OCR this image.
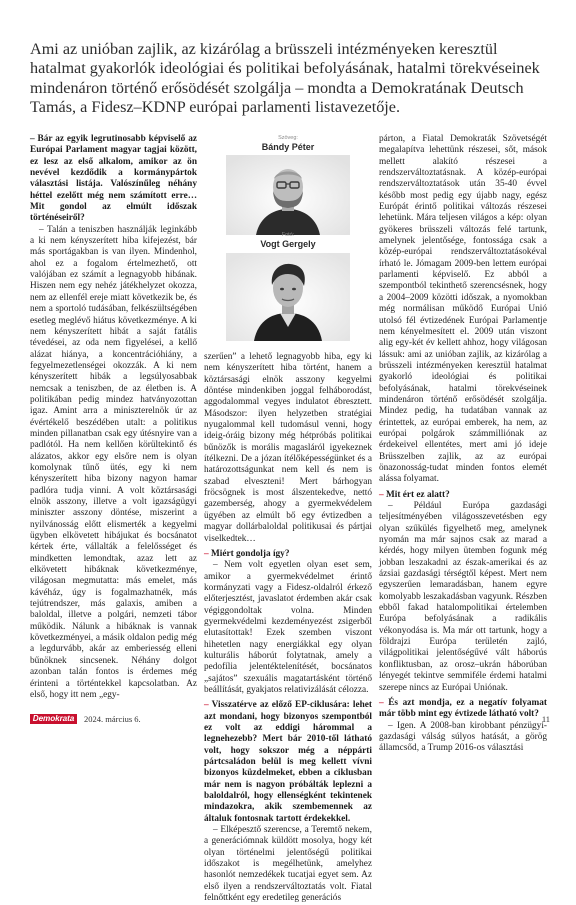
Ami az unióban zajlik, az kizárólag a brüsszeli intézményeken keresztül hatalmat gyakorlók ideológiai és politikai befolyásának, hatalmi törekvéseinek mindenáron történő erősödését szolgálja – mondta a Demokratának Deutsch Tamás, a Fidesz–KDNP európai parlamenti listavezetője.

– Bár az egyik legrutinosabb képviselő az Európai Parlament magyar tagjai között, ez lesz az első alkalom, amikor az ön nevével kezdődik a kormánypártok választási listája. Valószínűleg néhány héttel ezelőtt még nem számított erre… Mit gondol az elmúlt időszak történéseiről?

– Talán a teniszben használják leginkább a ki nem kényszerített hiba kifejezést, bár más sportágakban is van ilyen. Mindenhol, ahol ez a fogalom értelmezhető, ott valójában ez számít a legnagyobb hibának. Hiszen nem egy nehéz játékhelyzet okozza, nem az ellenfél ereje miatt következik be, és nem a sportoló tudásában, felkészültségében esetleg meglévő hiátus következménye. A ki nem kényszerített hibát a saját fatális tévedései, az oda nem figyelései, a kellő alázat hiánya, a koncentrációhiány, a fegyelmezetlenségei okozzák. A ki nem kényszerített hibák a legsúlyosabbak nemcsak a teniszben, de az életben is. A politikában pedig mindez hatványozottan igaz. Amint arra a miniszterelnök úr az évértékelő beszédében utalt: a politikus minden pillanatban csak egy útésnyire van a padlótól. Ha nem kellően körültekintő és alázatos, akkor egy elsőre nem is olyan komolynak tűnő ütés, egy ki nem kényszerített hiba bizony nagyon hamar padlóra tudja vinni. A volt köztársasági elnök asszony, illetve a volt igazságügyi miniszter asszony döntése, miszerint a nyilvánosság előtt elismerték a kegyelmi ügyben elkövetett hibájukat és bocsánatot kértek érte, vállalták a felelősséget és mindketten lemondtak, azaz lett az elkövetett hibáknak következménye, világosan megmutatta: más emelet, más kávéház, úgy is fogalmazhatnék, más tejútrendszer, más galaxis, amiben a baloldal, illetve a polgári, nemzeti tábor működik. Nálunk a hibáknak is vannak következményei, a másik oldalon pedig még a legdurvább, akár az emberiesség elleni bűnöknek sincsenek. Néhány dolgot azonban talán fontos is érdemes még érinteni a történtekkel kapcsolatban. Az első, hogy itt nem „egy-

Szöveg:
Bándy Péter
Fotó:
Vogt Gergely

szerűen” a lehető legnagyobb hiba, egy ki nem kényszerített hiba történt, hanem a köztársasági elnök asszony kegyelmi döntése mindenkiben joggal felháborodást, aggodalommal vegyes indulatot ébresztett. Másodszor: ilyen helyzetben stratégiai nyugalommal kell tudomásul venni, hogy ideig-óráig bizony még hétpróbás politikai bűnözők is morális magasláról igyekeznek ítélkezni. De a józan ítélőképességünket és a határozottságunkat nem kell és nem is szabad elveszteni! Mert bárhogyan fröcsögnek is most álszentekedve, nettó gazemberség, ahogy a gyermekvédelem ügyében az elmúlt bő egy évtizedben a magyar dollárbaloldal politikusai és pártjai viselkedtek…

– Miért gondolja így?

– Nem volt egyetlen olyan eset sem, amikor a gyermekvédelmet érintő kormányzati vagy a Fidesz-oldalról érkező előterjesztést, javaslatot érdemben akár csak végiggondoltak volna. Minden gyermekvédelmi kezdeményezést zsigerből elutasítottak! Ezek szemben viszont hihetetlen nagy energiákkal egy olyan kulturális háborút folytatnak, amely a pedofília jelentéktelenítését, bocsánatos „sajátos” szexuális magatartásként történő beállítását, gyakjatos relativizálását célozza.

– Visszatérve az előző EP-ciklusára: lehet azt mondani, hogy bizonyos szempontból ez volt az eddigi hárommal a legnehezebb? Mert bár 2010-től látható volt, hogy sokszor még a néppárti pártcsaládon belül is meg kellett vívni bizonyos küzdelmeket, ebben a ciklusban már nem is nagyon próbálták leplezni a baloldalról, hogy ellenségként tekintenek mindazokra, akik szembemennek az általuk fontosnak tartott érdekekkel.

– Elképesztő szerencse, a Teremtő nekem, a generációmnak küldött mosolya, hogy két olyan történelmi jelentőségű politikai időszakot is megélhetünk, amelyhez hasonlót nemzedékek tucatjai egyet sem. Az első ilyen a rendszerváltoztatás volt. Fiatal felnőttként egy eredetileg generációs

párton, a Fiatal Demokraták Szövetségét megalapítva lehettünk részesei, sőt, mások mellett alakító részesei a rendszerváltoztatásnak. A közép-európai rendszerváltoztatások után 35-40 évvel később most pedig egy újabb nagy, egész Európát érintő politikai változás részesei lehetünk. Mára teljesen világos a kép: olyan gyökeres brüsszeli változás felé tartunk, amelynek jelentősége, fontossága csak a közép-európai rendszerváltoztatásokéval írható le. Jómagam 2009-ben lettem európai parlamenti képviselő. Ez abból a szempontból tekinthető szerencsésnek, hogy a 2004–2009 közötti időszak, a nyomokban még normálisan működő Európai Unió utolsó fél évtizedének Európai Parlamentje nem kényelmesített el. 2009 után viszont alig egy-két év kellett ahhoz, hogy világosan lássuk: ami az unióban zajlik, az kizárólag a brüsszeli intézményeken keresztül hatalmat gyakorló ideológiai és politikai befolyásának, hatalmi törekvéseinek mindenáron történő erősödését szolgálja. Mindez pedig, ha tudatában vannak az érintettek, az európai emberek, ha nem, az európai polgárok számmilliónak az érdekeivel ellentétes, mert ami jó ideje Brüsszelben zajlik, az az európai önazonosság-tudat minden fontos elemét alássa folyamat.

– Mit ért ez alatt?

– Például Európa gazdasági teljesítményében világosszevetésben egy olyan szűkülés figyelhető meg, amelynek nyomán ma már sajnos csak az marad a kérdés, hogy milyen ütemben fogunk még jobban leszakadni az észak-amerikai és az ázsiai gazdasági térségtől képest. Mert nem egyszerűen lemaradásban, hanem egyre komolyabb leszakadásban vagyunk. Részben ebből fakad hatalompolitikai értelemben Európa befolyásának a radikális vékonyodása is. Ma már ott tartunk, hogy a földrajzi Európa területén zajló, világpolitikai jelentőségűvé vált háborús konfliktusban, az orosz–ukrán háborúban lényegét tekintve semmiféle érdemi hatalmi szerepe nincs az Európai Uniónak.

– És azt mondja, ez a negatív folyamat már több mint egy évtizede látható volt?

– Igen. A 2008-ban kirobbant pénzügyi-gazdasági válság súlyos hatását, a görög államcsőd, a Trump 2016-os választási

Demokrata	2024. március 6.	11
